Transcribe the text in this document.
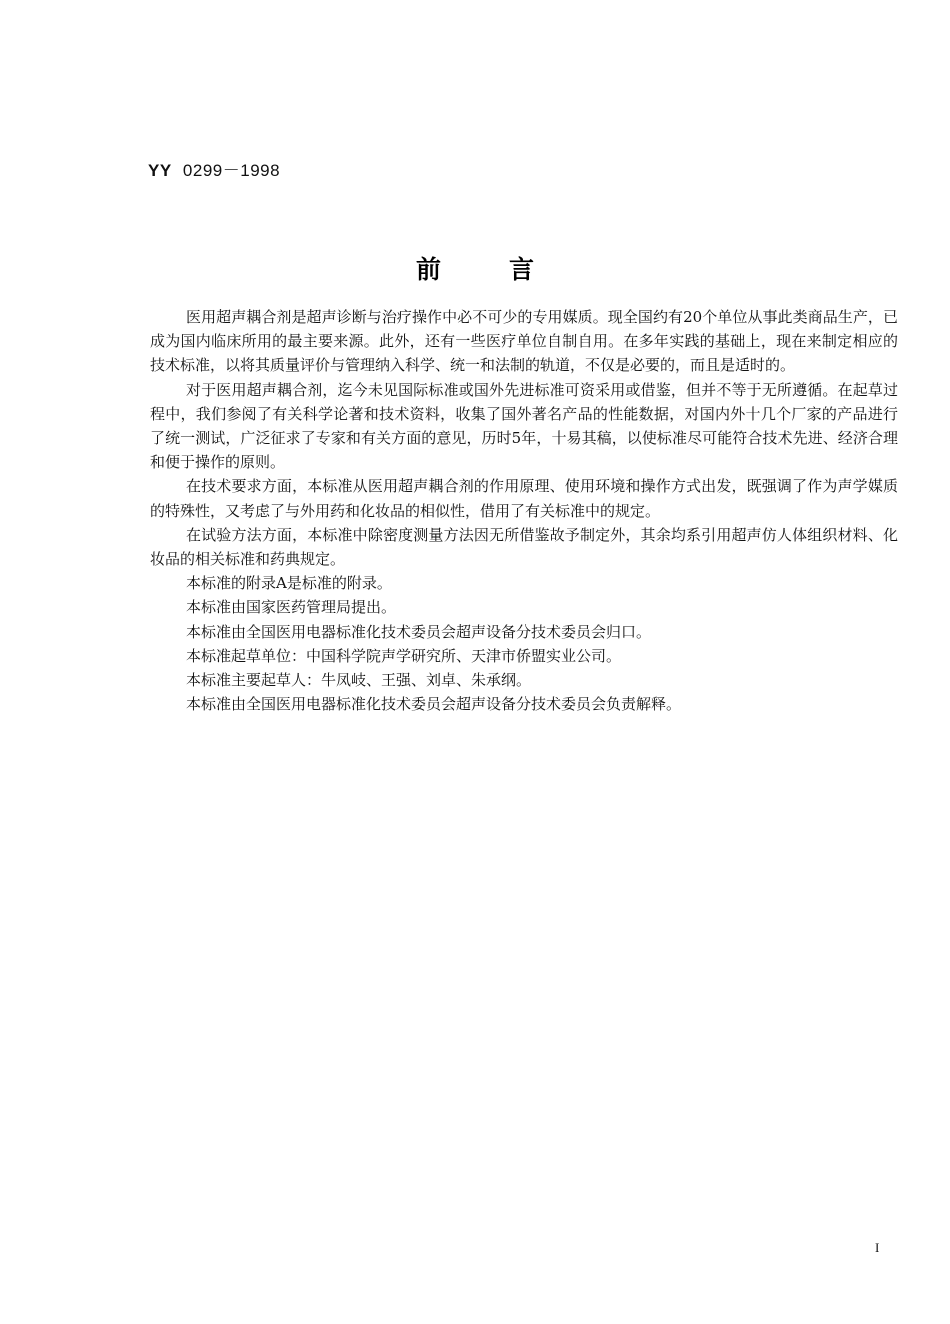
YY 0299－1998
前言

医用超声耦合剂是超声诊断与治疗操作中必不可少的专用媒质。现全国约有20个单位从事此类商品生产，已成为国内临床所用的最主要来源。此外，还有一些医疗单位自制自用。在多年实践的基础上，现在来制定相应的技术标准，以将其质量评价与管理纳入科学、统一和法制的轨道，不仅是必要的，而且是适时的。

对于医用超声耦合剂，迄今未见国际标准或国外先进标准可资采用或借鉴，但并不等于无所遵循。在起草过程中，我们参阅了有关科学论著和技术资料，收集了国外著名产品的性能数据，对国内外十几个厂家的产品进行了统一测试，广泛征求了专家和有关方面的意见，历时5年，十易其稿，以使标准尽可能符合技术先进、经济合理和便于操作的原则。

在技术要求方面，本标准从医用超声耦合剂的作用原理、使用环境和操作方式出发，既强调了作为声学媒质的特殊性，又考虑了与外用药和化妆品的相似性，借用了有关标准中的规定。

在试验方法方面，本标准中除密度测量方法因无所借鉴故予制定外，其余均系引用超声仿人体组织材料、化妆品的相关标准和药典规定。

本标准的附录A是标准的附录。

本标准由国家医药管理局提出。

本标准由全国医用电器标准化技术委员会超声设备分技术委员会归口。

本标准起草单位：中国科学院声学研究所、天津市侨盟实业公司。

本标准主要起草人：牛凤岐、王强、刘卓、朱承纲。

本标准由全国医用电器标准化技术委员会超声设备分技术委员会负责解释。

I
